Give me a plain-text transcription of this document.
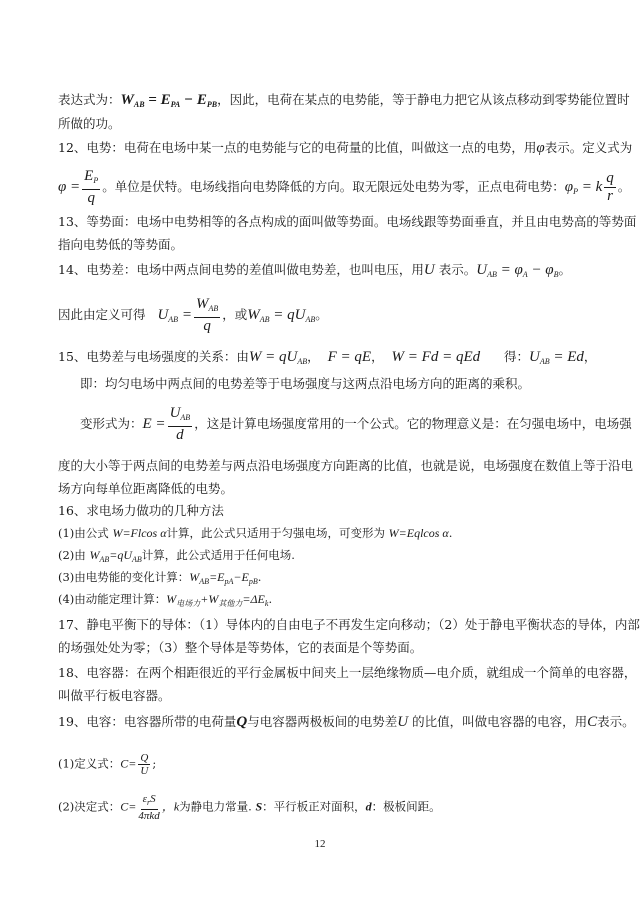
表达式为：$W_{AB} = E_{PA} - E_{PB}$，因此，电荷在某点的电势能，等于静电力把它从该点移动到零势能位置时
所做的功。
12、电势：电荷在电场中某一点的电势能与它的电荷量的比值，叫做这一点的电势，用φ表示。定义式为
$\varphi = \frac{E_P}{q}$ 。单位是伏特。电场线指向电势降低的方向。取无限远处电势为零，正点电荷电势：$\varphi_P = k \frac{q}{r}$ 。
13、等势面：电场中电势相等的各点构成的面叫做等势面。电场线跟等势面垂直，并且由电势高的等势面
指向电势低的等势面。
14、电势差：电场中两点间电势的差值叫做电势差，也叫电压，用U 表示。$U_{AB} = \varphi_A - \varphi_B$。
因此由定义可得 $U_{AB} = \frac{W_{AB}}{q}$ ，或$W_{AB} = qU_{AB}$。
15、电势差与电场强度的关系：由$W = qU_{AB}$， F = qE， W = Fd = qEd 得：$U_{AB} = Ed$，
即：均匀电场中两点间的电势差等于电场强度与这两点沿电场方向的距离的乘积。
变形式为：$E = \frac{U_{AB}}{d}$ ，这是计算电场强度常用的一个公式。它的物理意义是：在匀强电场中，电场强
度的大小等于两点间的电势差与两点沿电场强度方向距离的比值，也就是说，电场强度在数值上等于沿电
场方向每单位距离降低的电势。
16、求电场力做功的几种方法
(1)由公式 W=Flcos α计算，此公式只适用于匀强电场，可变形为 W=Eqlcos α.
(2)由 $W_{AB}=qU_{AB}$计算，此公式适用于任何电场.
(3)由电势能的变化计算：$W_{AB}=E_{pA}-E_{pB}$.
(4)由动能定理计算：$W_{电场力}+W_{其他力}=\Delta E_k$.
17、静电平衡下的导体：（1）导体内的自由电子不再发生定向移动；（2）处于静电平衡状态的导体，内部
的场强处处为零；（3）整个导体是等势体，它的表面是个等势面。
18、电容器：在两个相距很近的平行金属板中间夹上一层绝缘物质—电介质，就组成一个简单的电容器，
叫做平行板电容器。
19、电容：电容器所带的电荷量Q与电容器两极板间的电势差U 的比值，叫做电容器的电容，用C表示。
(1)定义式：$C= \frac{Q}{U}$ ;
(2)决定式：$C= \frac{\varepsilon_rS}{\text{4πkd}}$ ，k为静电力常量. S：平行板正对面积，d：极板间距。
12
